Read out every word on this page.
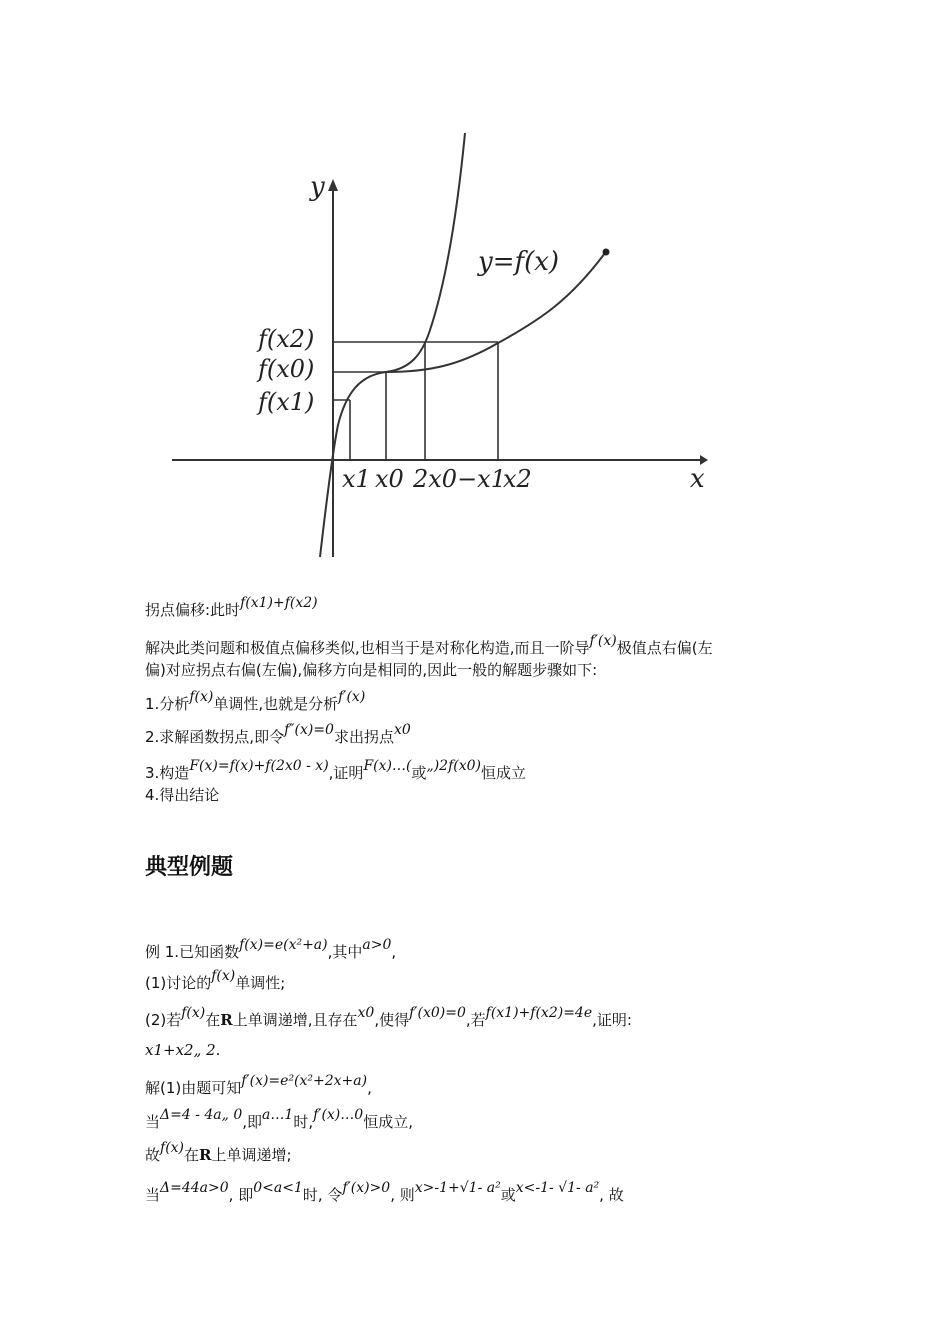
y
x
y=f(x)
f(x2)
f(x0)
f(x1)
x1 x0 2x0−x1
x2
拐点偏移:此时f(x1)+f(x2)
解决此类问题和极值点偏移类似,也相当于是对称化构造,而且一阶导f′(x)极值点右偏(左
偏)对应拐点右偏(左偏),偏移方向是相同的,因此一般的解题步骤如下:
1.分析f(x)单调性,也就是分析f′(x)
2.求解函数拐点,即令f″(x)=0求出拐点x0
3.构造F(x)=f(x)+f(2x0 - x),证明F(x)…(或„)2f(x0)恒成立
4.得出结论
典型例题
例 1.已知函数f(x)=e(x²+a),其中a>0,
(1)讨论的f(x)单调性;
(2)若f(x)在R上单调递增,且存在x0,使得f′(x0)=0,若f(x1)+f(x2)=4e,证明:
x1+x2„ 2.
解(1)由题可知f′(x)=e²(x²+2x+a),
当Δ=4 - 4a„ 0,即a…1时,f′(x)…0恒成立,
故f(x)在R上单调递增;
当Δ=44a>0, 即0<a<1时, 令f′(x)>0, 则x>-1+√1- a²或x<-1- √1- a², 故
